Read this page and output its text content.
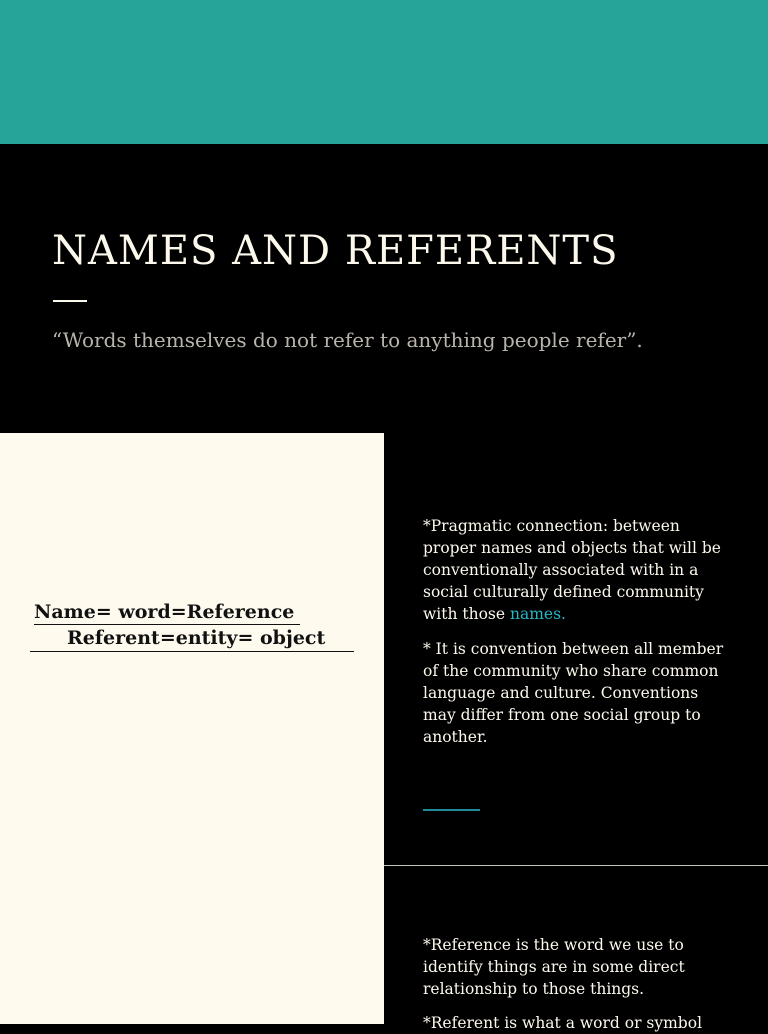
NAMES AND REFERENTS

“Words themselves do not refer to anything people refer”.

Name= word=Reference
Referent=entity= object

*Pragmatic connection: between proper names and objects that will be conventionally associated with in a social culturally defined community with those names.

* It is convention between all member of the community who share common language and culture. Conventions may differ from one social group to another.

*Reference is the word we use to identify things are in some direct relationship to those things.

*Referent is what a word or symbol
